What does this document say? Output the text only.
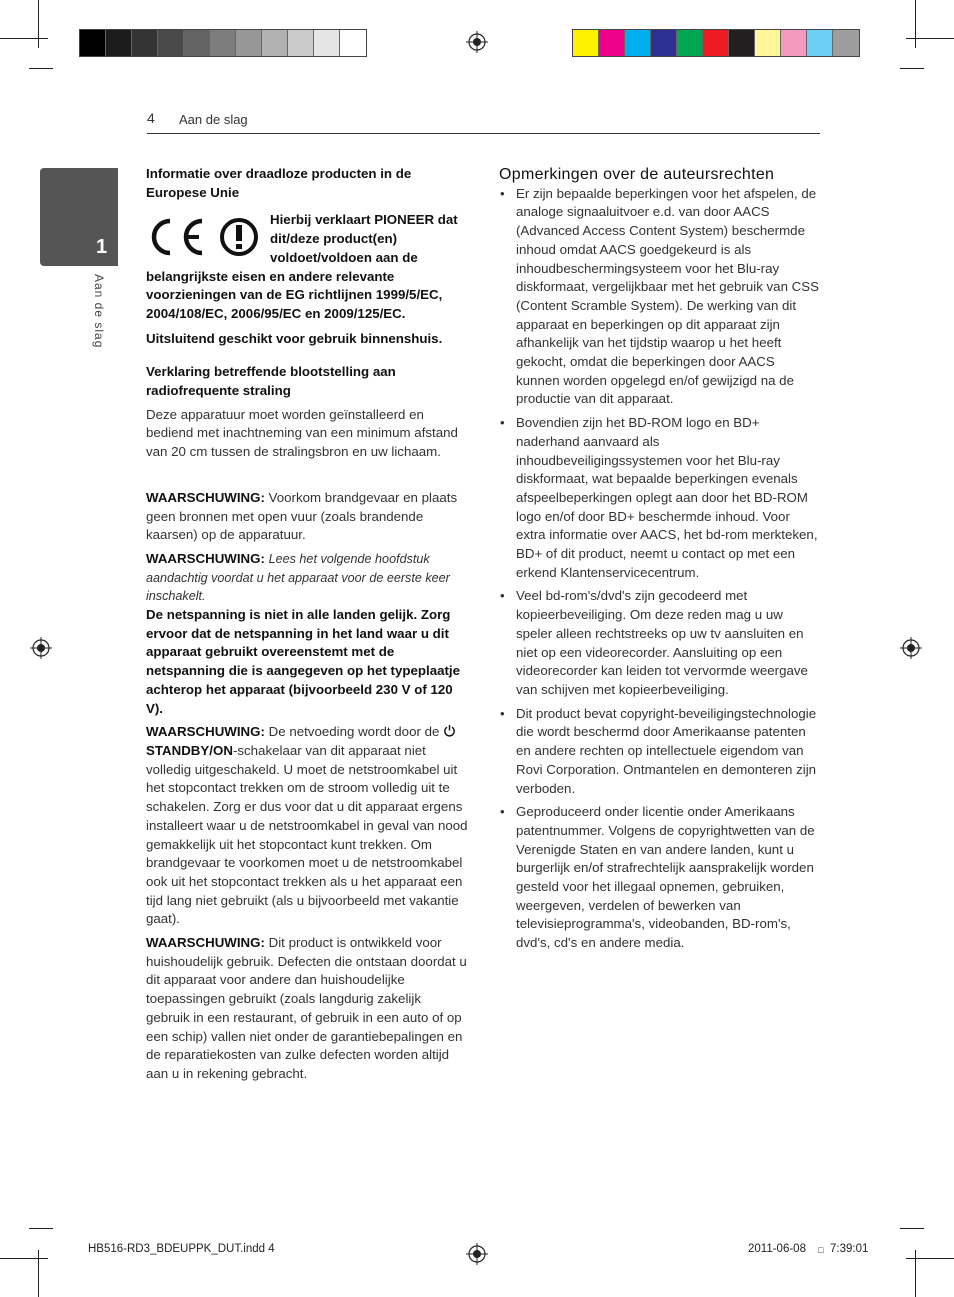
4 Aan de slag
1
Aan de slag

Informatie over draadloze producten in de Europese Unie

Hierbij verklaart PIONEER dat dit/deze product(en) voldoet/voldoen aan de belangrijkste eisen en andere relevante voorzieningen van de EG richtlijnen 1999/5/EC, 2004/108/EC, 2006/95/EC en 2009/125/EC.

Uitsluitend geschikt voor gebruik binnenshuis.

Verklaring betreffende blootstelling aan radiofrequente straling

Deze apparatuur moet worden geïnstalleerd en bediend met inachtneming van een minimum afstand van 20 cm tussen de stralingsbron en uw lichaam.

WAARSCHUWING: Voorkom brandgevaar en plaats geen bronnen met open vuur (zoals brandende kaarsen) op de apparatuur.

WAARSCHUWING: Lees het volgende hoofdstuk aandachtig voordat u het apparaat voor de eerste keer inschakelt.

De netspanning is niet in alle landen gelijk. Zorg ervoor dat de netspanning in het land waar u dit apparaat gebruikt overeenstemt met de netspanning die is aangegeven op het typeplaatje achterop het apparaat (bijvoorbeeld 230 V of 120 V).

WAARSCHUWING: De netvoeding wordt door de  STANDBY/ON-schakelaar van dit apparaat niet volledig uitgeschakeld. U moet de netstroomkabel uit het stopcontact trekken om de stroom volledig uit te schakelen. Zorg er dus voor dat u dit apparaat ergens installeert waar u de netstroomkabel in geval van nood gemakkelijk uit het stopcontact kunt trekken. Om brandgevaar te voorkomen moet u de netstroomkabel ook uit het stopcontact trekken als u het apparaat een tijd lang niet gebruikt (als u bijvoorbeeld met vakantie gaat).

WAARSCHUWING: Dit product is ontwikkeld voor huishoudelijk gebruik. Defecten die ontstaan doordat u dit apparaat voor andere dan huishoudelijke toepassingen gebruikt (zoals langdurig zakelijk gebruik in een restaurant, of gebruik in een auto of op een schip) vallen niet onder de garantiebepalingen en de reparatiekosten van zulke defecten worden altijd aan u in rekening gebracht.

Opmerkingen over de auteursrechten

• Er zijn bepaalde beperkingen voor het afspelen, de analoge signaaluitvoer e.d. van door AACS (Advanced Access Content System) beschermde inhoud omdat AACS goedgekeurd is als inhoudbeschermingsysteem voor het Blu-ray diskformaat, vergelijkbaar met het gebruik van CSS (Content Scramble System). De werking van dit apparaat en beperkingen op dit apparaat zijn afhankelijk van het tijdstip waarop u het heeft gekocht, omdat die beperkingen door AACS kunnen worden opgelegd en/of gewijzigd na de productie van dit apparaat.
• Bovendien zijn het BD-ROM logo en BD+ naderhand aanvaard als inhoudbeveiligingssystemen voor het Blu-ray diskformaat, wat bepaalde beperkingen evenals afspeelbeperkingen oplegt aan door het BD-ROM logo en/of door BD+ beschermde inhoud. Voor extra informatie over AACS, het bd-rom merkteken, BD+ of dit product, neemt u contact op met een erkend Klantenservicecentrum.
• Veel bd-rom's/dvd's zijn gecodeerd met kopieerbeveiliging. Om deze reden mag u uw speler alleen rechtstreeks op uw tv aansluiten en niet op een videorecorder. Aansluiting op een videorecorder kan leiden tot vervormde weergave van schijven met kopieerbeveiliging.
• Dit product bevat copyright-beveiligingstechnologie die wordt beschermd door Amerikaanse patenten en andere rechten op intellectuele eigendom van Rovi Corporation. Ontmantelen en demonteren zijn verboden.
• Geproduceerd onder licentie onder Amerikaans patentnummer. Volgens de copyrightwetten van de Verenigde Staten en van andere landen, kunt u burgerlijk en/of strafrechtelijk aansprakelijk worden gesteld voor het illegaal opnemen, gebruiken, weergeven, verdelen of bewerken van televisieprogramma's, videobanden, BD-rom's, dvd's, cd's en andere media.
HB516-RD3_BDEUPPK_DUT.indd 4	2011-06-08 □ 7:39:01
